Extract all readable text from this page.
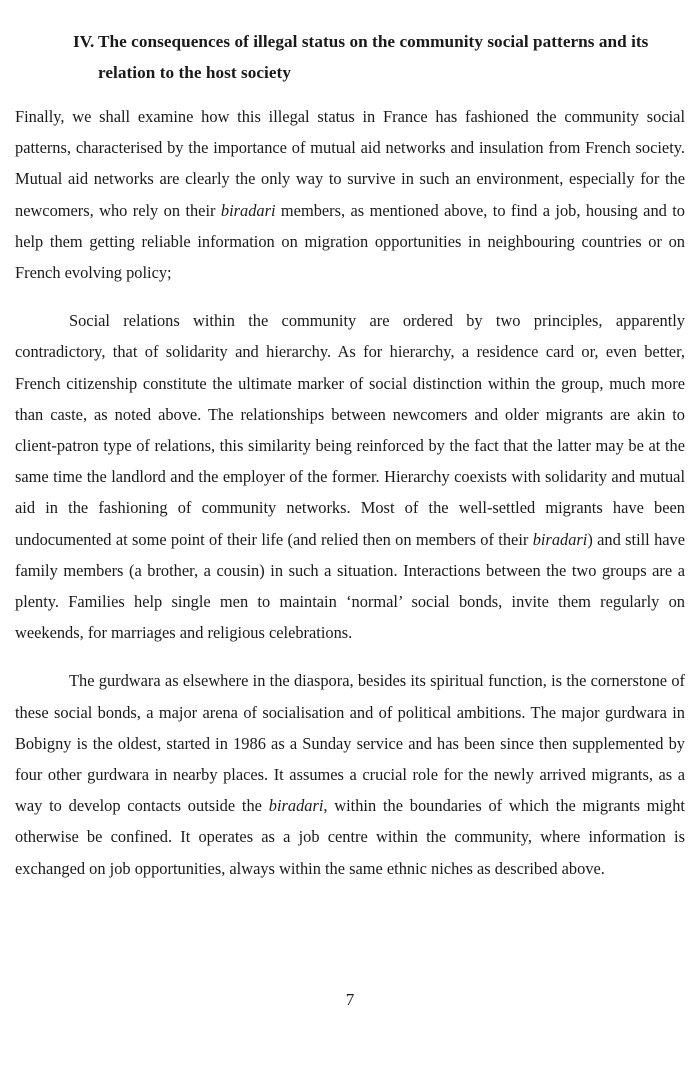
IV. The consequences of illegal status on the community social patterns and its relation to the host society

Finally, we shall examine how this illegal status in France has fashioned the community social patterns, characterised by the importance of mutual aid networks and insulation from French society. Mutual aid networks are clearly the only way to survive in such an environment, especially for the newcomers, who rely on their biradari members, as mentioned above, to find a job, housing and to help them getting reliable information on migration opportunities in neighbouring countries or on French evolving policy;

Social relations within the community are ordered by two principles, apparently contradictory, that of solidarity and hierarchy. As for hierarchy, a residence card or, even better, French citizenship constitute the ultimate marker of social distinction within the group, much more than caste, as noted above. The relationships between newcomers and older migrants are akin to client-patron type of relations, this similarity being reinforced by the fact that the latter may be at the same time the landlord and the employer of the former. Hierarchy coexists with solidarity and mutual aid in the fashioning of community networks. Most of the well-settled migrants have been undocumented at some point of their life (and relied then on members of their biradari) and still have family members (a brother, a cousin) in such a situation. Interactions between the two groups are a plenty. Families help single men to maintain ‘normal’ social bonds, invite them regularly on weekends, for marriages and religious celebrations.

The gurdwara as elsewhere in the diaspora, besides its spiritual function, is the cornerstone of these social bonds, a major arena of socialisation and of political ambitions. The major gurdwara in Bobigny is the oldest, started in 1986 as a Sunday service and has been since then supplemented by four other gurdwara in nearby places. It assumes a crucial role for the newly arrived migrants, as a way to develop contacts outside the biradari, within the boundaries of which the migrants might otherwise be confined. It operates as a job centre within the community, where information is exchanged on job opportunities, always within the same ethnic niches as described above.

7
